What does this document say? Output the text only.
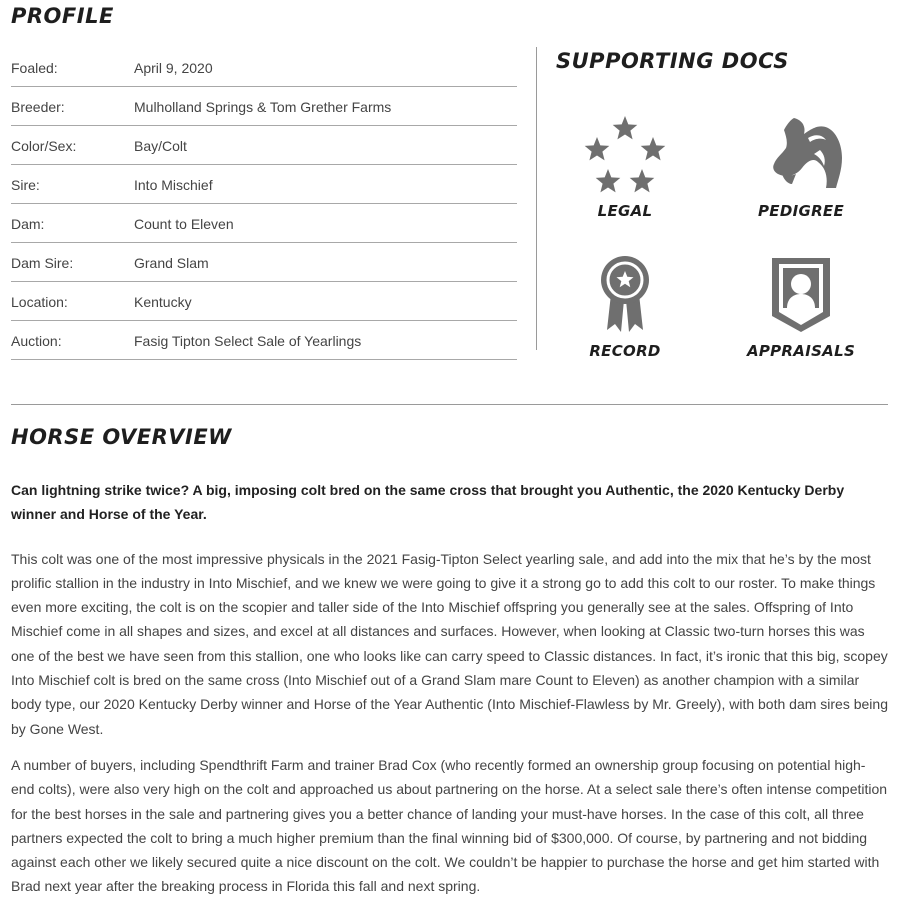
PROFILE
Foaled:	April 9, 2020
Breeder:	Mulholland Springs & Tom Grether Farms
Color/Sex:	Bay/Colt
Sire:	Into Mischief
Dam:	Count to Eleven
Dam Sire:	Grand Slam
Location:	Kentucky
Auction:	Fasig Tipton Select Sale of Yearlings
SUPPORTING DOCS
LEGAL	PEDIGREE
RECORD	APPRAISALS
HORSE OVERVIEW

Can lightning strike twice? A big, imposing colt bred on the same cross that brought you Authentic, the 2020 Kentucky Derby winner and Horse of the Year.

This colt was one of the most impressive physicals in the 2021 Fasig-Tipton Select yearling sale, and add into the mix that he’s by the most prolific stallion in the industry in Into Mischief, and we knew we were going to give it a strong go to add this colt to our roster. To make things even more exciting, the colt is on the scopier and taller side of the Into Mischief offspring you generally see at the sales. Offspring of Into Mischief come in all shapes and sizes, and excel at all distances and surfaces. However, when looking at Classic two-turn horses this was one of the best we have seen from this stallion, one who looks like can carry speed to Classic distances. In fact, it’s ironic that this big, scopey Into Mischief colt is bred on the same cross (Into Mischief out of a Grand Slam mare Count to Eleven) as another champion with a similar body type, our 2020 Kentucky Derby winner and Horse of the Year Authentic (Into Mischief-Flawless by Mr. Greely), with both dam sires being by Gone West.

A number of buyers, including Spendthrift Farm and trainer Brad Cox (who recently formed an ownership group focusing on potential high-end colts), were also very high on the colt and approached us about partnering on the horse. At a select sale there’s often intense competition for the best horses in the sale and partnering gives you a better chance of landing your must-have horses. In the case of this colt, all three partners expected the colt to bring a much higher premium than the final winning bid of $300,000. Of course, by partnering and not bidding against each other we likely secured quite a nice discount on the colt. We couldn’t be happier to purchase the horse and get him started with Brad next year after the breaking process in Florida this fall and next spring.
